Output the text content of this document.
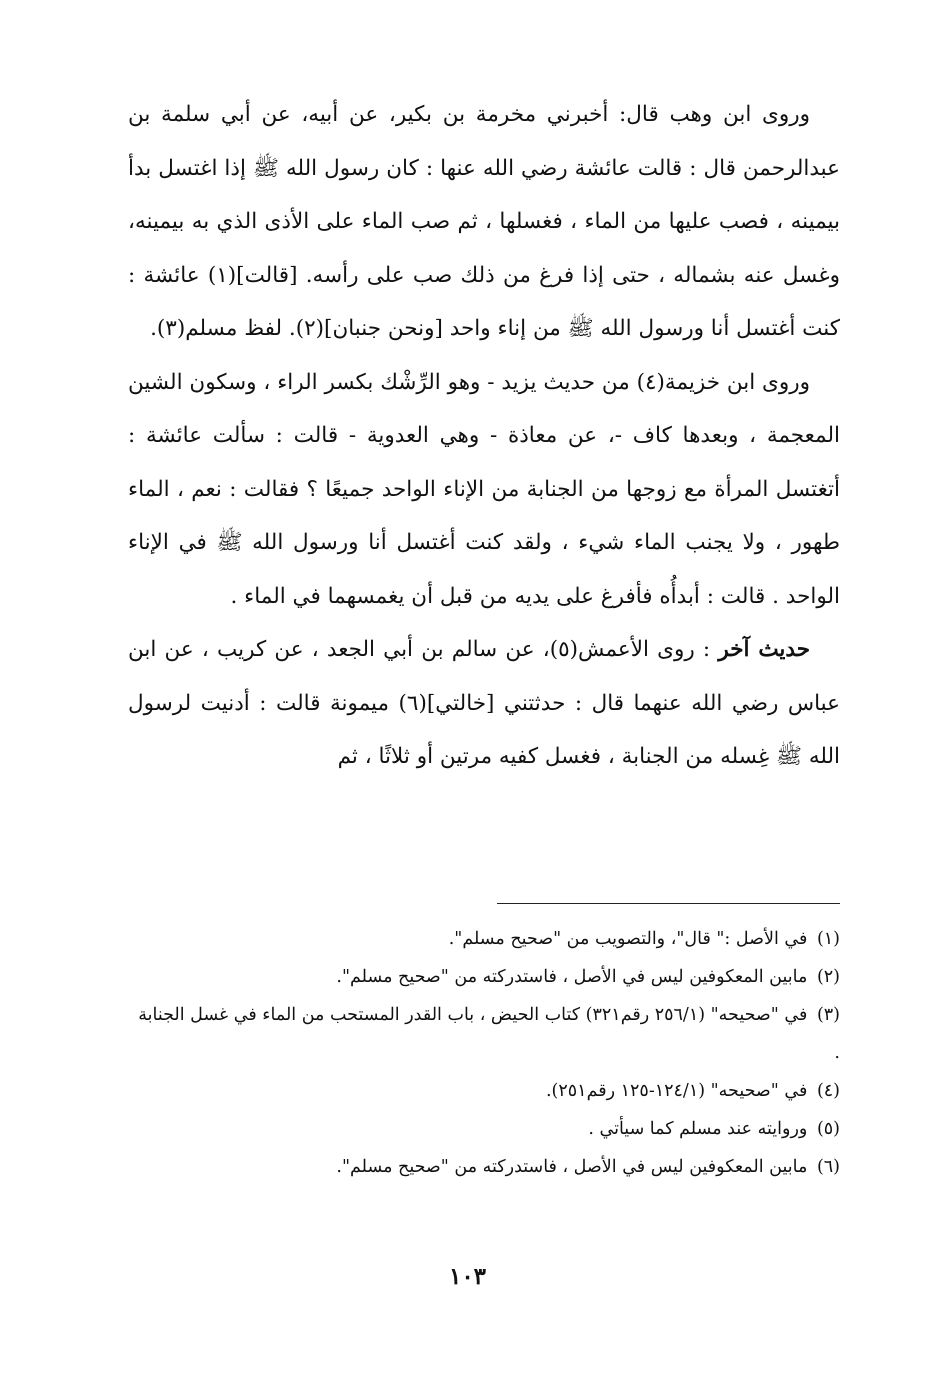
وروى ابن وهب قال: أخبرني مخرمة بن بكير، عن أبيه، عن أبي سلمة بن عبدالرحمن قال : قالت عائشة رضي الله عنها : كان رسول الله ﷺ إذا اغتسل بدأ بيمينه ، فصب عليها من الماء ، فغسلها ، ثم صب الماء على الأذى الذي به بيمينه، وغسل عنه بشماله ، حتى إذا فرغ من ذلك صب على رأسه. [قالت](١) عائشة : كنت أغتسل أنا ورسول الله ﷺ من إناء واحد [ونحن جنبان](٢). لفظ مسلم(٣).

وروى ابن خزيمة(٤) من حديث يزيد - وهو الرِّشْك بكسر الراء ، وسكون الشين المعجمة ، وبعدها كاف -، عن معاذة - وهي العدوية - قالت : سألت عائشة : أتغتسل المرأة مع زوجها من الجنابة من الإناء الواحد جميعًا ؟ فقالت : نعم ، الماء طهور ، ولا يجنب الماء شيء ، ولقد كنت أغتسل أنا ورسول الله ﷺ في الإناء الواحد . قالت : أبدأُه فأفرغ على يديه من قبل أن يغمسهما في الماء .

حديث آخر : روى الأعمش(٥)، عن سالم بن أبي الجعد ، عن كريب ، عن ابن عباس رضي الله عنهما قال : حدثتني [خالتي](٦) ميمونة قالت : أدنيت لرسول الله ﷺ غِسله من الجنابة ، فغسل كفيه مرتين أو ثلاثًا ، ثم

(١) في الأصل :" قال"، والتصويب من "صحيح مسلم".

(٢) مابين المعكوفين ليس في الأصل ، فاستدركته من "صحيح مسلم".

(٣) في "صحيحه" (٢٥٦/١ رقم٣٢١) كتاب الحيض ، باب القدر المستحب من الماء في غسل الجنابة .

(٤) في "صحيحه" (١٢٤/١-١٢٥ رقم٢٥١).

(٥) وروايته عند مسلم كما سيأتي .

(٦) مابين المعكوفين ليس في الأصل ، فاستدركته من "صحيح مسلم".

١٠٣
